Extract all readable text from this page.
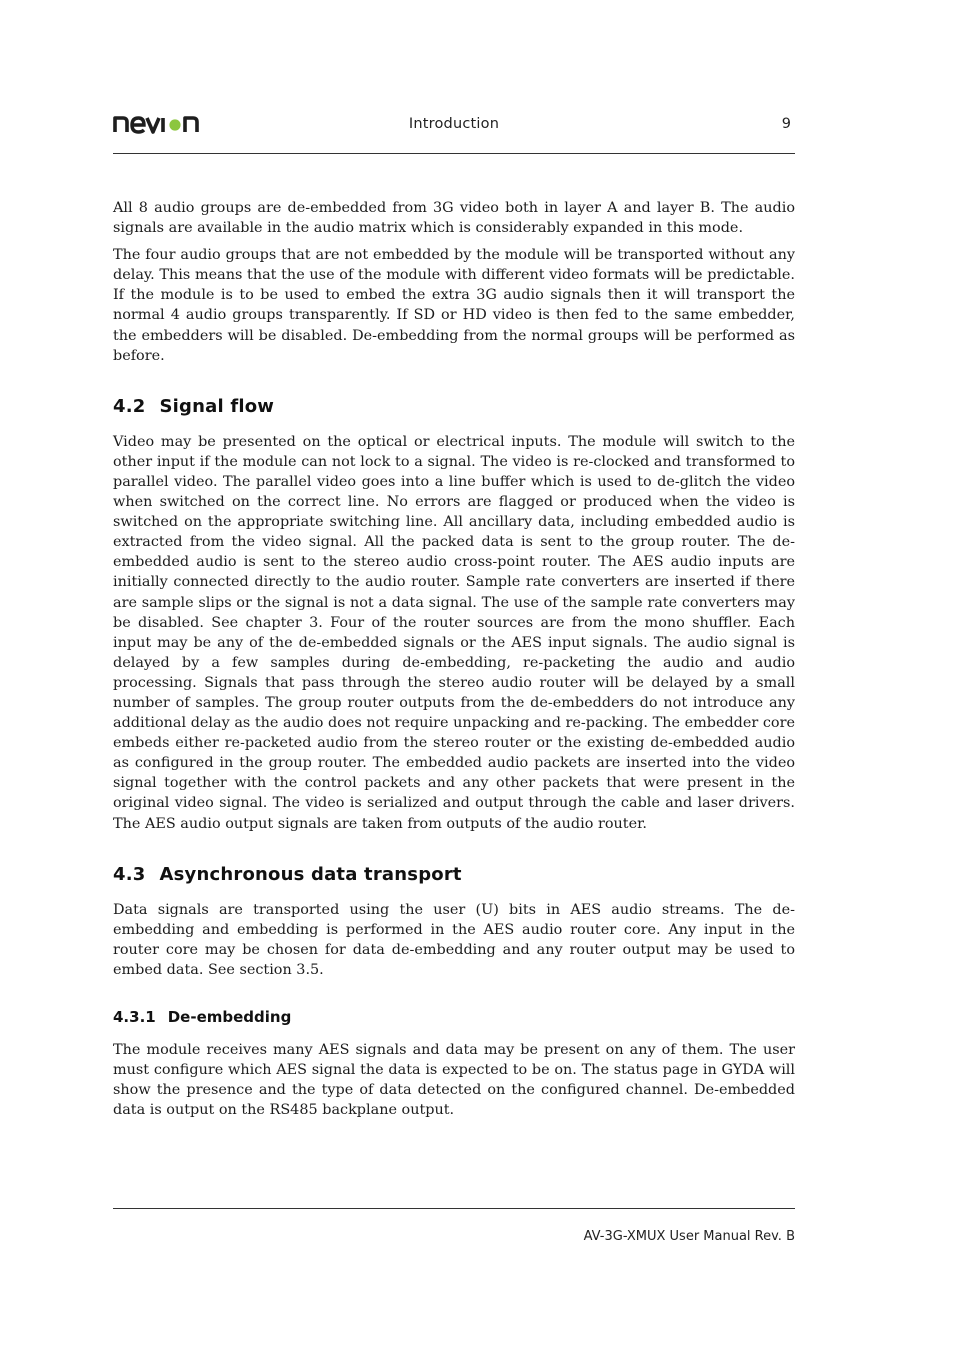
Introduction	9

All 8 audio groups are de-embedded from 3G video both in layer A and layer B. The audio signals are available in the audio matrix which is considerably expanded in this mode.

The four audio groups that are not embedded by the module will be transported without any delay. This means that the use of the module with different video formats will be predictable. If the module is to be used to embed the extra 3G audio signals then it will transport the normal 4 audio groups transparently. If SD or HD video is then fed to the same embedder, the embedders will be disabled. De-embedding from the normal groups will be performed as before.

4.2 Signal flow

Video may be presented on the optical or electrical inputs. The module will switch to the other input if the module can not lock to a signal. The video is re-clocked and transformed to parallel video. The parallel video goes into a line buffer which is used to de-glitch the video when switched on the correct line. No errors are flagged or produced when the video is switched on the appropriate switching line. All ancillary data, including embedded audio is extracted from the video signal. All the packed data is sent to the group router. The de-embedded audio is sent to the stereo audio cross-point router. The AES audio inputs are initially connected directly to the audio router. Sample rate converters are inserted if there are sample slips or the signal is not a data signal. The use of the sample rate converters may be disabled. See chapter 3. Four of the router sources are from the mono shuffler. Each input may be any of the de-embedded signals or the AES input signals. The audio signal is delayed by a few samples during de-embedding, re-packeting the audio and audio processing. Signals that pass through the stereo audio router will be delayed by a small number of samples. The group router outputs from the de-embedders do not introduce any additional delay as the audio does not require unpacking and re-packing. The embedder core embeds either re-packeted audio from the stereo router or the existing de-embedded audio as configured in the group router. The embedded audio packets are inserted into the video signal together with the control packets and any other packets that were present in the original video signal. The video is serialized and output through the cable and laser drivers. The AES audio output signals are taken from outputs of the audio router.

4.3 Asynchronous data transport

Data signals are transported using the user (U) bits in AES audio streams. The de-embedding and embedding is performed in the AES audio router core. Any input in the router core may be chosen for data de-embedding and any router output may be used to embed data. See section 3.5.

4.3.1 De-embedding

The module receives many AES signals and data may be present on any of them. The user must configure which AES signal the data is expected to be on. The status page in GYDA will show the presence and the type of data detected on the configured channel. De-embedded data is output on the RS485 backplane output.

AV-3G-XMUX User Manual Rev. B
